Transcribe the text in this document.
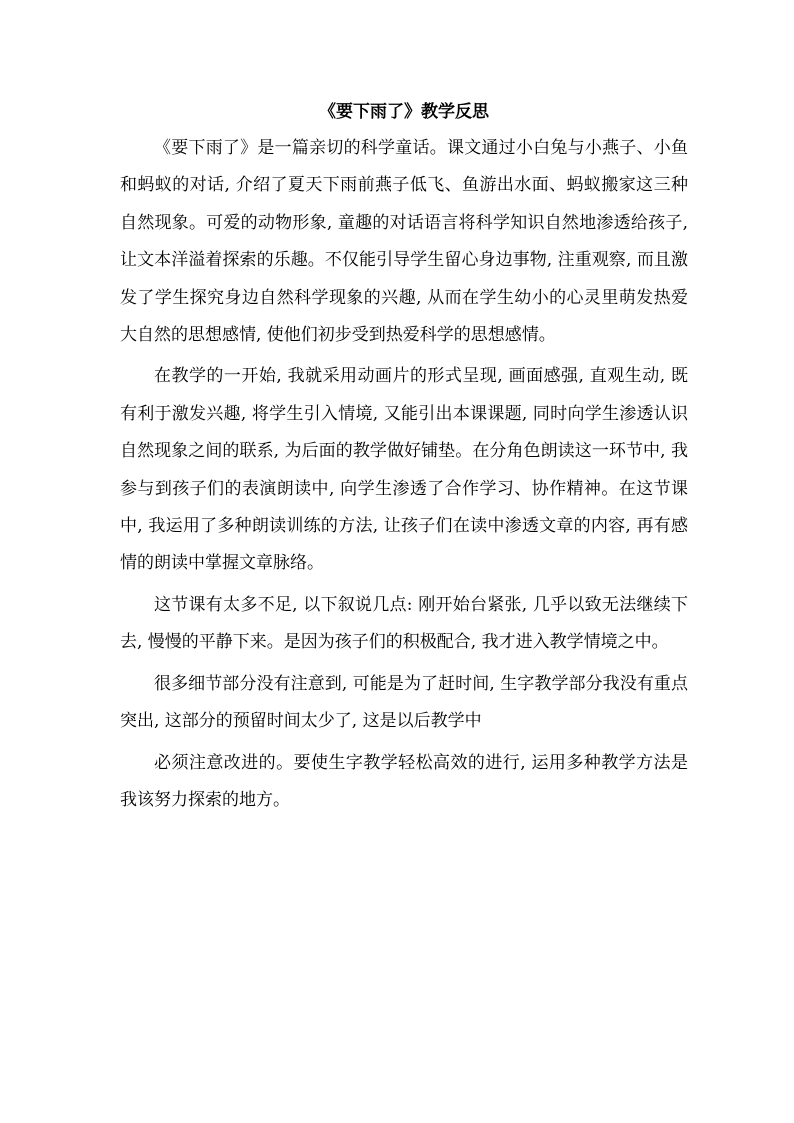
《要下雨了》教学反思

《要下雨了》是一篇亲切的科学童话。课文通过小白兔与小燕子、小鱼和蚂蚁的对话, 介绍了夏天下雨前燕子低飞、鱼游出水面、蚂蚁搬家这三种自然现象。可爱的动物形象, 童趣的对话语言将科学知识自然地渗透给孩子, 让文本洋溢着探索的乐趣。不仅能引导学生留心身边事物, 注重观察, 而且激发了学生探究身边自然科学现象的兴趣, 从而在学生幼小的心灵里萌发热爱大自然的思想感情, 使他们初步受到热爱科学的思想感情。

在教学的一开始, 我就采用动画片的形式呈现, 画面感强, 直观生动, 既有利于激发兴趣, 将学生引入情境, 又能引出本课课题, 同时向学生渗透认识自然现象之间的联系, 为后面的教学做好铺垫。在分角色朗读这一环节中, 我参与到孩子们的表演朗读中, 向学生渗透了合作学习、协作精神。在这节课中, 我运用了多种朗读训练的方法, 让孩子们在读中渗透文章的内容, 再有感情的朗读中掌握文章脉络。

这节课有太多不足, 以下叙说几点: 刚开始台紧张, 几乎以致无法继续下去, 慢慢的平静下来。是因为孩子们的积极配合, 我才进入教学情境之中。

很多细节部分没有注意到, 可能是为了赶时间, 生字教学部分我没有重点突出, 这部分的预留时间太少了, 这是以后教学中

必须注意改进的。要使生字教学轻松高效的进行, 运用多种教学方法是我该努力探索的地方。
